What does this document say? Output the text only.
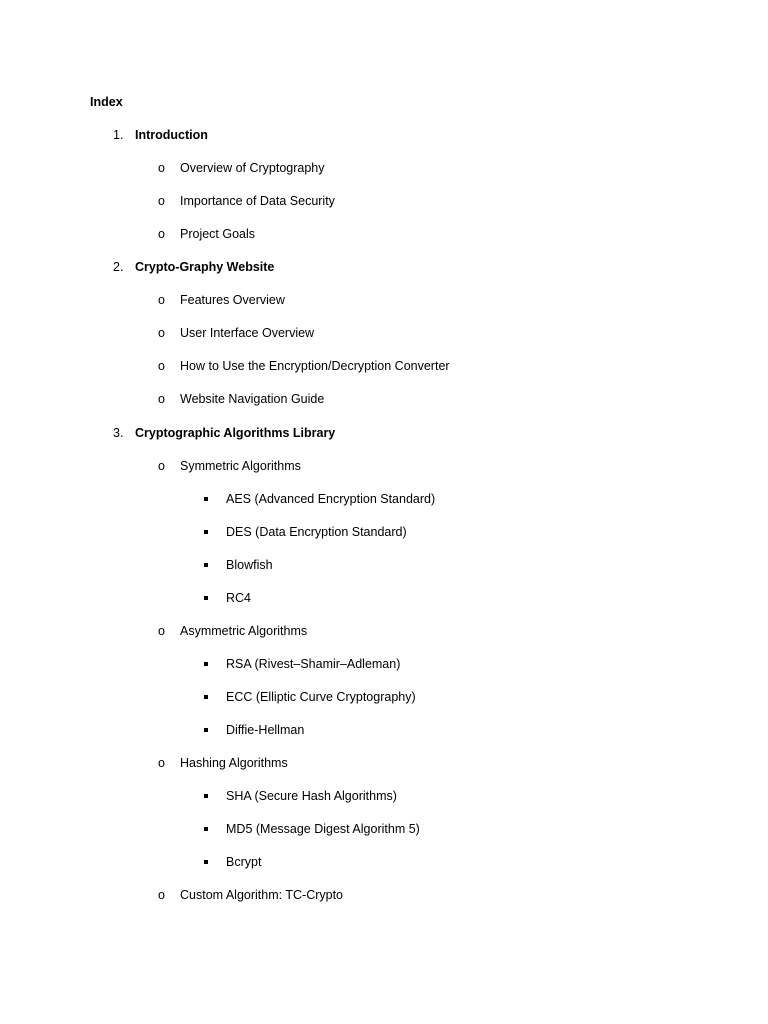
Index
1. Introduction
o Overview of Cryptography
o Importance of Data Security
o Project Goals
2. Crypto-Graphy Website
o Features Overview
o User Interface Overview
o How to Use the Encryption/Decryption Converter
o Website Navigation Guide
3. Cryptographic Algorithms Library
o Symmetric Algorithms
AES (Advanced Encryption Standard)
DES (Data Encryption Standard)
Blowfish
RC4
o Asymmetric Algorithms
RSA (Rivest–Shamir–Adleman)
ECC (Elliptic Curve Cryptography)
Diffie-Hellman
o Hashing Algorithms
SHA (Secure Hash Algorithms)
MD5 (Message Digest Algorithm 5)
Bcrypt
o Custom Algorithm: TC-Crypto
